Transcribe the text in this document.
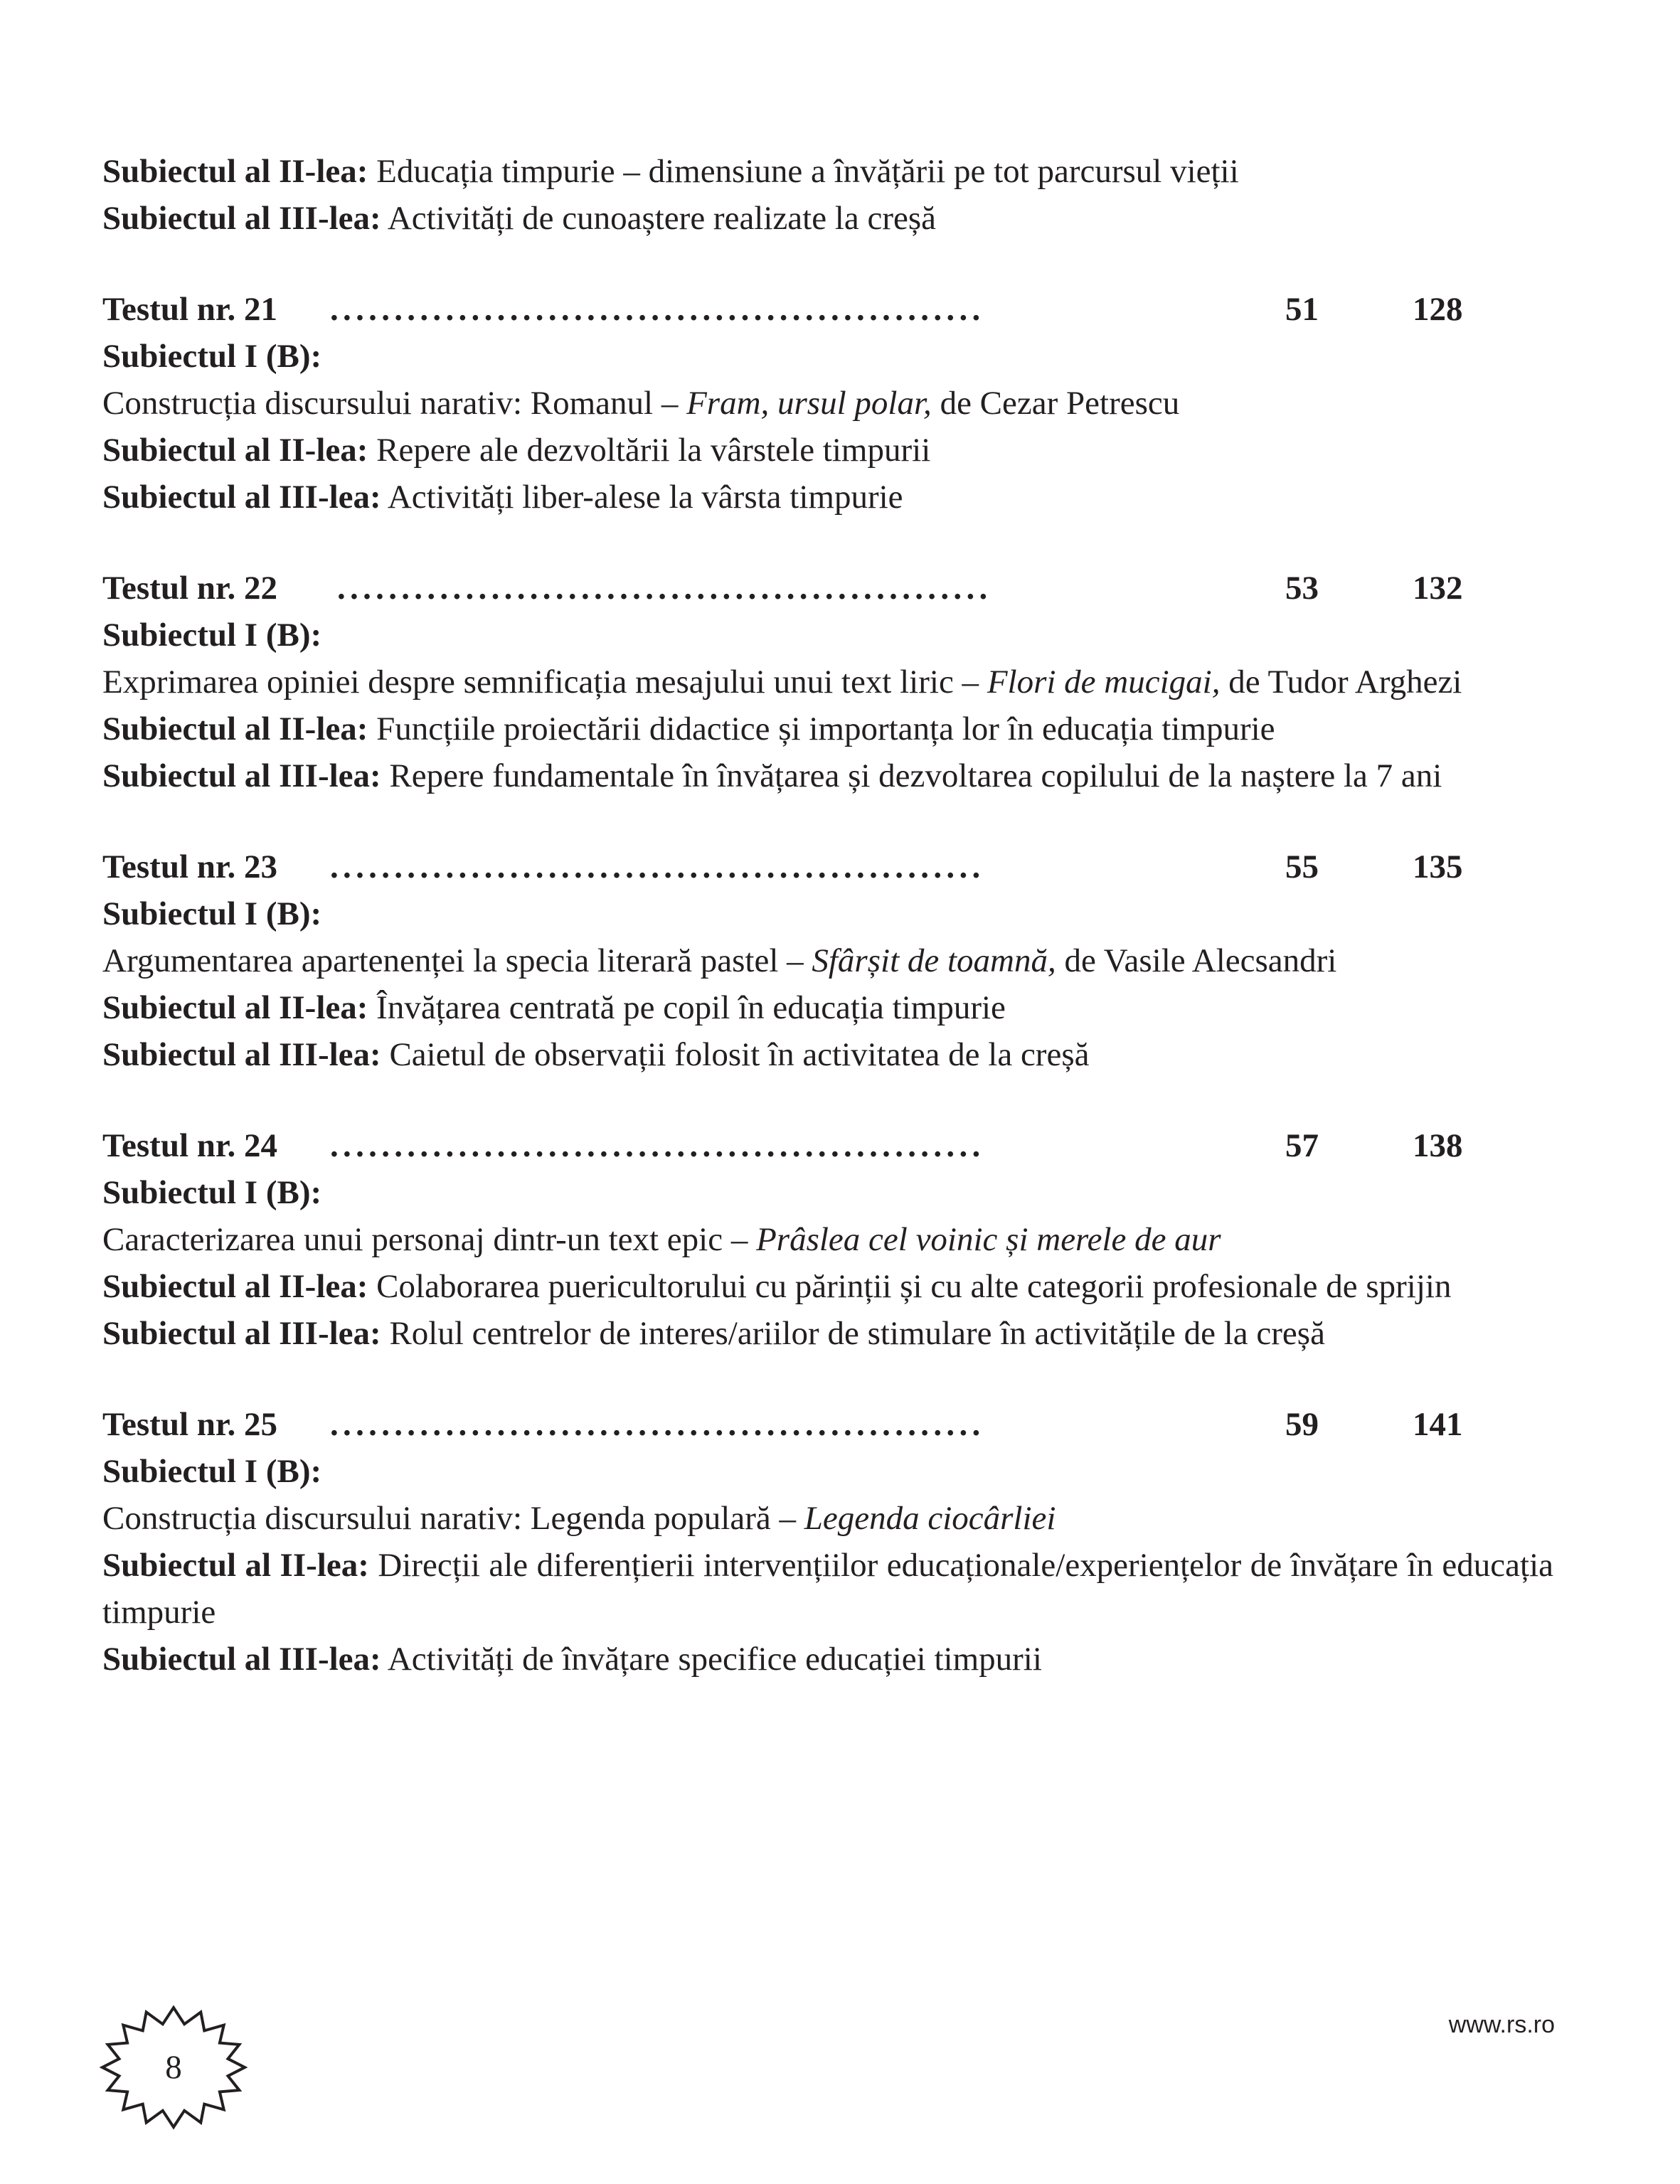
Subiectul al II-lea: Educația timpurie – dimensiune a învățării pe tot parcursul vieții
Subiectul al III-lea: Activități de cunoaștere realizate la creșă
Testul nr. 21 ...................................................	51	128
Subiectul I (B):
Construcția discursului narativ: Romanul – Fram, ursul polar, de Cezar Petrescu
Subiectul al II-lea: Repere ale dezvoltării la vârstele timpurii
Subiectul al III-lea: Activități liber-alese la vârsta timpurie
Testul nr. 22 ...................................................	53	132
Subiectul I (B):
Exprimarea opiniei despre semnificația mesajului unui text liric – Flori de mucigai, de Tudor Arghezi
Subiectul al II-lea: Funcțiile proiectării didactice și importanța lor în educația timpurie
Subiectul al III-lea: Repere fundamentale în învățarea și dezvoltarea copilului de la naștere la 7 ani
Testul nr. 23 ...................................................	55	135
Subiectul I (B):
Argumentarea apartenenței la specia literară pastel – Sfârșit de toamnă, de Vasile Alecsandri
Subiectul al II-lea: Învățarea centrată pe copil în educația timpurie
Subiectul al III-lea: Caietul de observații folosit în activitatea de la creșă
Testul nr. 24 ...................................................	57	138
Subiectul I (B):
Caracterizarea unui personaj dintr-un text epic – Prâslea cel voinic și merele de aur
Subiectul al II-lea: Colaborarea puericultorului cu părinții și cu alte categorii profesionale de sprijin
Subiectul al III-lea: Rolul centrelor de interes/ariilor de stimulare în activitățile de la creșă
Testul nr. 25 ...................................................	59	141
Subiectul I (B):
Construcția discursului narativ: Legenda populară – Legenda ciocârliei
Subiectul al II-lea: Direcții ale diferențierii intervențiilor educaționale/experiențelor de învățare în educația timpurie
Subiectul al III-lea: Activități de învățare specifice educației timpurii
8
www.rs.ro
